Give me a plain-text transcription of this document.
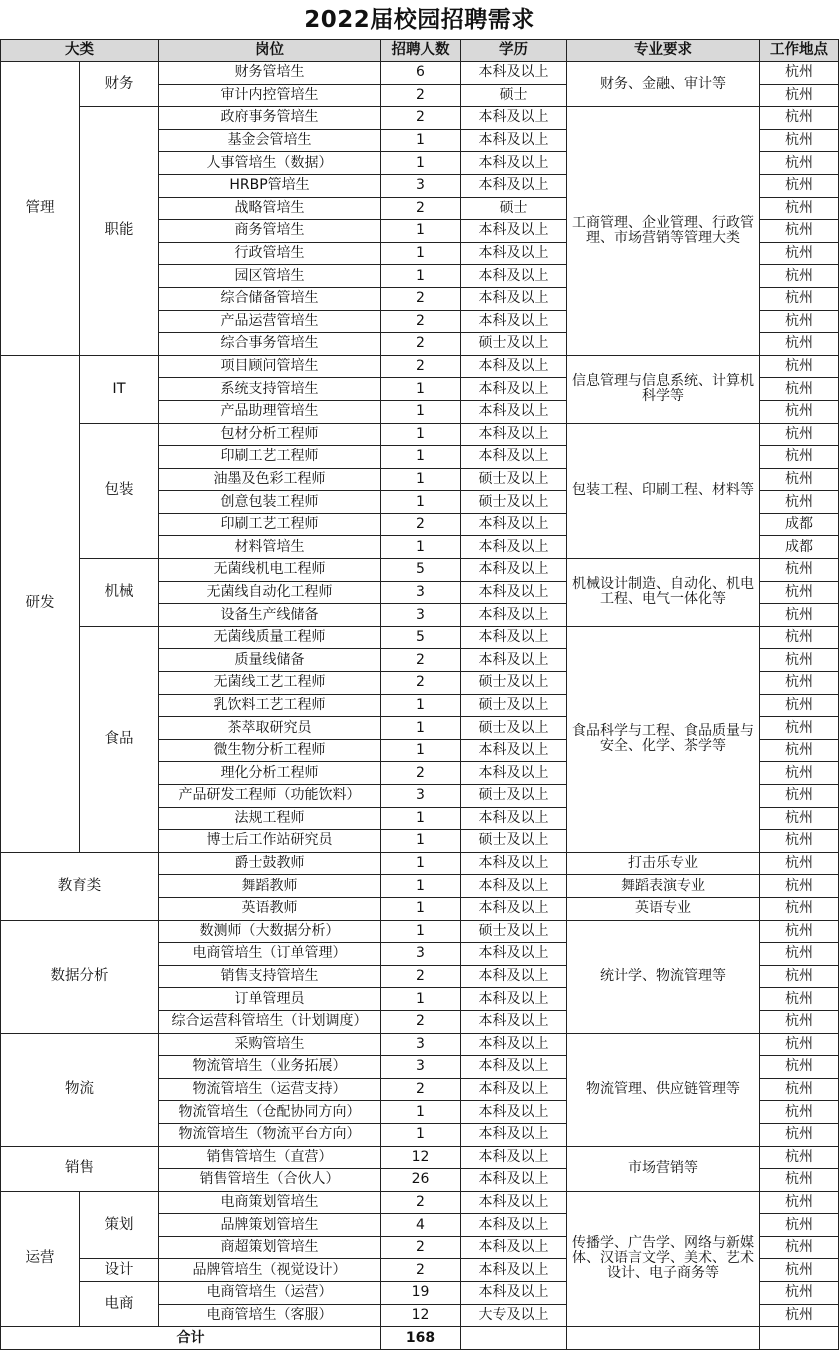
2022届校园招聘需求
大类		岗位	招聘人数	学历	专业要求	工作地点
管理	财务	财务管培生	6	本科及以上	财务、金融、审计等	杭州
		审计内控管培生	2	硕士		杭州
	职能	政府事务管培生	2	本科及以上	工商管理、企业管理、行政管理、市场营销等管理大类	杭州
		基金会管培生	1	本科及以上		杭州
		人事管培生（数据）	1	本科及以上		杭州
		HRBP管培生	3	本科及以上		杭州
		战略管培生	2	硕士		杭州
		商务管培生	1	本科及以上		杭州
		行政管培生	1	本科及以上		杭州
		园区管培生	1	本科及以上		杭州
		综合储备管培生	2	本科及以上		杭州
		产品运营管培生	2	本科及以上		杭州
		综合事务管培生	2	硕士及以上		杭州
研发	IT	项目顾问管培生	2	本科及以上	信息管理与信息系统、计算机科学等	杭州
		系统支持管培生	1	本科及以上		杭州
		产品助理管培生	1	本科及以上		杭州
	包装	包材分析工程师	1	本科及以上	包装工程、印刷工程、材料等	杭州
		印刷工艺工程师	1	本科及以上		杭州
		油墨及色彩工程师	1	硕士及以上		杭州
		创意包装工程师	1	硕士及以上		杭州
		印刷工艺工程师	2	本科及以上		成都
		材料管培生	1	本科及以上		成都
	机械	无菌线机电工程师	5	本科及以上	机械设计制造、自动化、机电工程、电气一体化等	杭州
		无菌线自动化工程师	3	本科及以上		杭州
		设备生产线储备	3	本科及以上		杭州
	食品	无菌线质量工程师	5	本科及以上	食品科学与工程、食品质量与安全、化学、茶学等	杭州
		质量线储备	2	本科及以上		杭州
		无菌线工艺工程师	2	硕士及以上		杭州
		乳饮料工艺工程师	1	硕士及以上		杭州
		茶萃取研究员	1	硕士及以上		杭州
		微生物分析工程师	1	本科及以上		杭州
		理化分析工程师	2	本科及以上		杭州
		产品研发工程师（功能饮料）	3	硕士及以上		杭州
		法规工程师	1	本科及以上		杭州
		博士后工作站研究员	1	硕士及以上		杭州
教育类		爵士鼓教师	1	本科及以上	打击乐专业	杭州
		舞蹈教师	1	本科及以上	舞蹈表演专业	杭州
		英语教师	1	本科及以上	英语专业	杭州
数据分析		数测师（大数据分析）	1	硕士及以上	统计学、物流管理等	杭州
		电商管培生（订单管理）	3	本科及以上		杭州
		销售支持管培生	2	本科及以上		杭州
		订单管理员	1	本科及以上		杭州
		综合运营科管培生（计划调度）	2	本科及以上		杭州
物流		采购管培生	3	本科及以上	物流管理、供应链管理等	杭州
		物流管培生（业务拓展）	3	本科及以上		杭州
		物流管培生（运营支持）	2	本科及以上		杭州
		物流管培生（仓配协同方向）	1	本科及以上		杭州
		物流管培生（物流平台方向）	1	本科及以上		杭州
销售		销售管培生（直营）	12	本科及以上	市场营销等	杭州
		销售管培生（合伙人）	26	本科及以上		杭州
运营	策划	电商策划管培生	2	本科及以上	传播学、广告学、网络与新媒体、汉语言文学、美术、艺术设计、电子商务等	杭州
		品牌策划管培生	4	本科及以上		杭州
		商超策划管培生	2	本科及以上		杭州
	设计	品牌管培生（视觉设计）	2	本科及以上		杭州
	电商	电商管培生（运营）	19	本科及以上		杭州
		电商管培生（客服）	12	大专及以上		杭州
合计			168			
